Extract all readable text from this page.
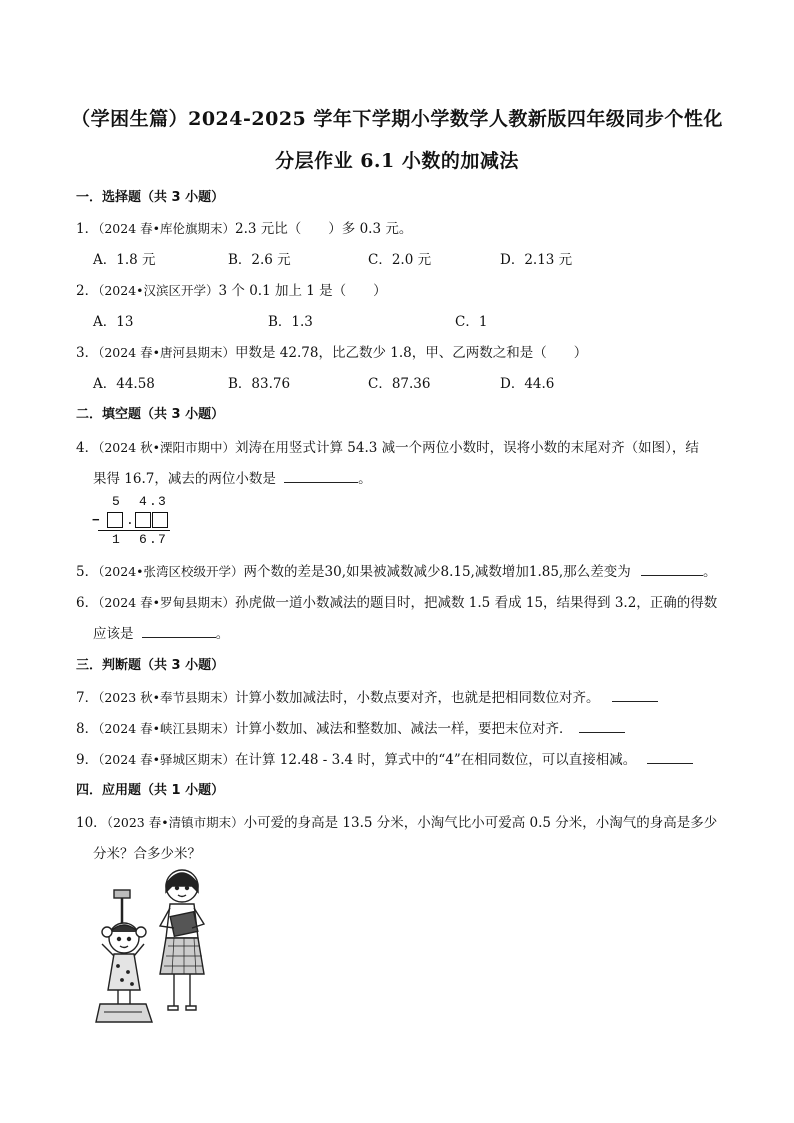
（学困生篇）2024-2025 学年下学期小学数学人教新版四年级同步个性化
分层作业 6.1 小数的加减法
一．选择题（共 3 小题）
1．（2024 春•库伦旗期末）2.3 元比（　　）多 0.3 元。
A．1.8 元	B．2.6 元	C．2.0 元	D．2.13 元
2．（2024•汉滨区开学）3 个 0.1 加上 1 是（　　）
A．13	B．1.3	C．1
3．（2024 春•唐河县期末）甲数是 42.78，比乙数少 1.8，甲、乙两数之和是（　　）
A．44.58	B．83.76	C．87.36	D．44.6
二．填空题（共 3 小题）
4．（2024 秋•溧阳市期中）刘涛在用竖式计算 54.3 减一个两位小数时，误将小数的末尾对齐（如图），结
果得 16.7，减去的两位小数是	。
5 4 . 3
− .
1 6 . 7
5．（2024•张湾区校级开学）两个数的差是30,如果被减数减少8.15,减数增加1.85,那么差变为	。
6．（2024 春•罗甸县期末）孙虎做一道小数减法的题目时，把减数 1.5 看成 15，结果得到 3.2，正确的得数
应该是	。
三．判断题（共 3 小题）
7．（2023 秋•奉节县期末）计算小数加减法时，小数点要对齐，也就是把相同数位对齐。
8．（2024 春•峡江县期末）计算小数加、减法和整数加、减法一样，要把末位对齐．
9．（2024 春•驿城区期末）在计算 12.48 - 3.4 时，算式中的“4”在相同数位，可以直接相减。
四．应用题（共 1 小题）
10．（2023 春•清镇市期末）小可爱的身高是 13.5 分米，小淘气比小可爱高 0.5 分米，小淘气的身高是多少
分米？合多少米？
